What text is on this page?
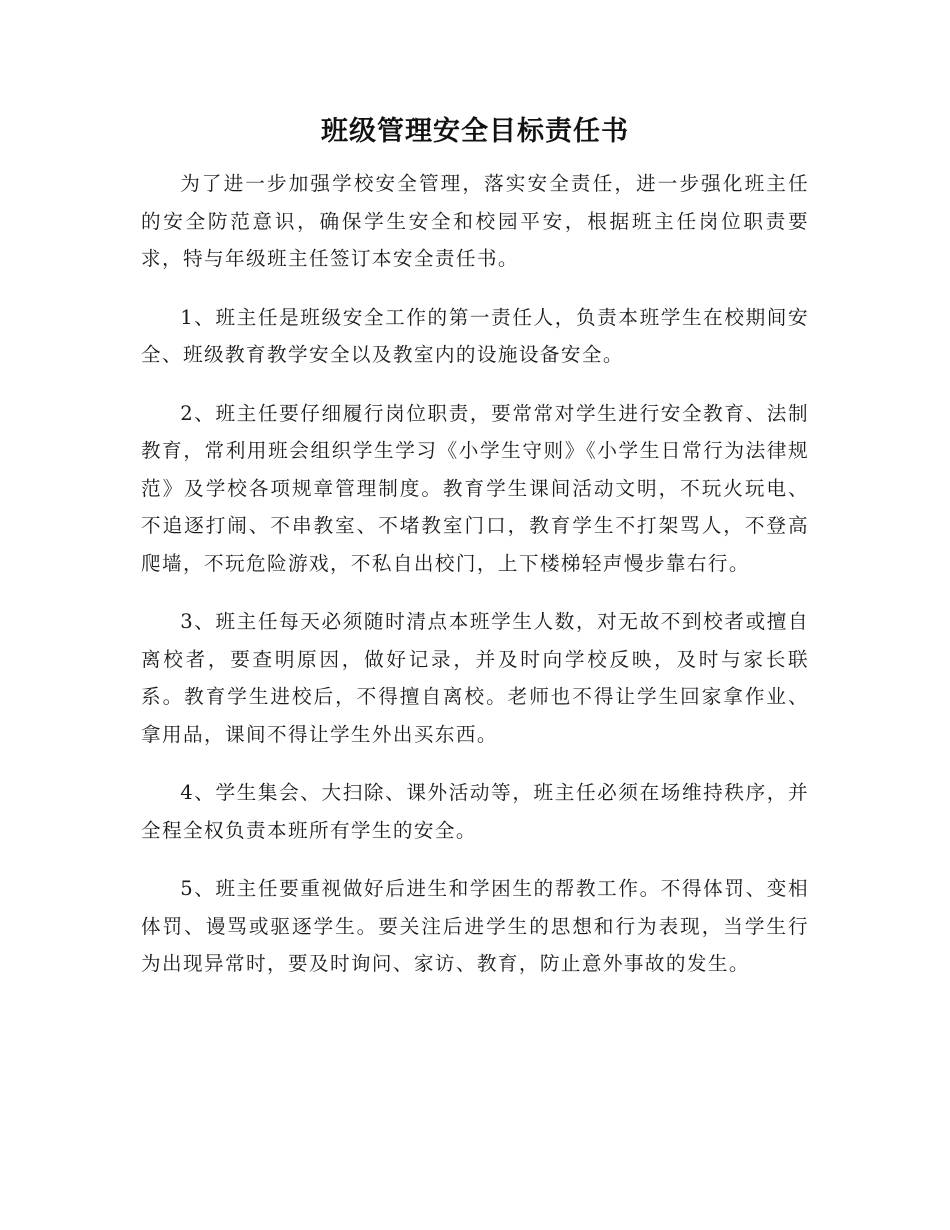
班级管理安全目标责任书

为了进一步加强学校安全管理，落实安全责任，进一步强化班主任的安全防范意识，确保学生安全和校园平安，根据班主任岗位职责要求，特与年级班主任签订本安全责任书。

1、班主任是班级安全工作的第一责任人，负责本班学生在校期间安全、班级教育教学安全以及教室内的设施设备安全。

2、班主任要仔细履行岗位职责，要常常对学生进行安全教育、法制教育，常利用班会组织学生学习《小学生守则》《小学生日常行为法律规范》及学校各项规章管理制度。教育学生课间活动文明，不玩火玩电、不追逐打闹、不串教室、不堵教室门口，教育学生不打架骂人，不登高爬墙，不玩危险游戏，不私自出校门，上下楼梯轻声慢步靠右行。

3、班主任每天必须随时清点本班学生人数，对无故不到校者或擅自离校者，要查明原因，做好记录，并及时向学校反映，及时与家长联系。教育学生进校后，不得擅自离校。老师也不得让学生回家拿作业、拿用品，课间不得让学生外出买东西。

4、学生集会、大扫除、课外活动等，班主任必须在场维持秩序，并全程全权负责本班所有学生的安全。

5、班主任要重视做好后进生和学困生的帮教工作。不得体罚、变相体罚、谩骂或驱逐学生。要关注后进学生的思想和行为表现，当学生行为出现异常时，要及时询问、家访、教育，防止意外事故的发生。
